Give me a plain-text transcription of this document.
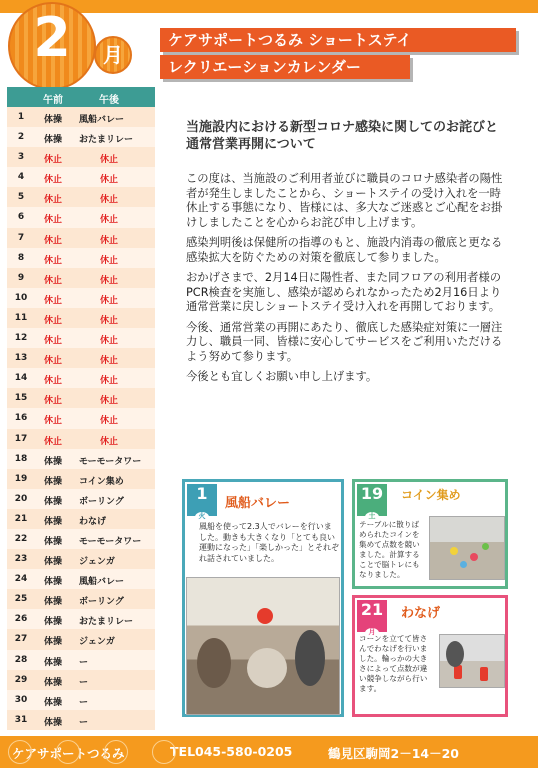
2	月
ケアサポートつるみ ショートステイ
レクリエーションカレンダー
午前	午後
1	体操	風船バレー
2	体操	おたまリレー
3	休止	休止
4	休止	休止
5	休止	休止
6	休止	休止
7	休止	休止
8	休止	休止
9	休止	休止
10	休止	休止
11	休止	休止
12	休止	休止
13	休止	休止
14	休止	休止
15	休止	休止
16	休止	休止
17	休止	休止
18	体操	モーモータワー
19	体操	コイン集め
20	体操	ボーリング
21	体操	わなげ
22	体操	モーモータワー
23	体操	ジェンガ
24	体操	風船バレー
25	体操	ボーリング
26	体操	おたまリレー
27	体操	ジェンガ
28	体操	ー
29	体操	ー
30	体操	ー
31	体操	ー
当施設内における新型コロナ感染に関してのお詫びと通常営業再開について

この度は、当施設のご利用者並びに職員のコロナ感染者の陽性者が発生しましたことから、ショートステイの受け入れを一時休止する事態になり、皆様には、多大なご迷惑とご心配をお掛けしましたことを心からお詫び申し上げます。

感染判明後は保健所の指導のもと、施設内消毒の徹底と更なる感染拡大を防ぐための対策を徹底して参りました。

おかげさまで、2月14日に陽性者、また同フロアの利用者様のPCR検査を実施し、感染が認められなかったため2月16日より通常営業に戻しショートステイ受け入れを再開しております。

今後、通常営業の再開にあたり、徹底した感染症対策に一層注力し、職員一同、皆様に安心してサービスをご利用いただけるよう努めて参ります。

今後とも宜しくお願い申し上げます。

1
火
風船バレー
風船を使って2.3人でバレーを行いました。動きも大きくなり「とても良い運動になった」「楽しかった」とそれぞれ話されていました。
19
土
コイン集め
テーブルに散りばめられたコインを集めて点数を競いました。計算することで脳トレにもなりました。
21
月
わなげ
コーンを立てて皆さんでわなげを行いました。輪っかの大きさによって点数が違い競争しながら行います。
ケアサポートつるみ	TEL045-580-0205	鶴見区駒岡2－14－20
